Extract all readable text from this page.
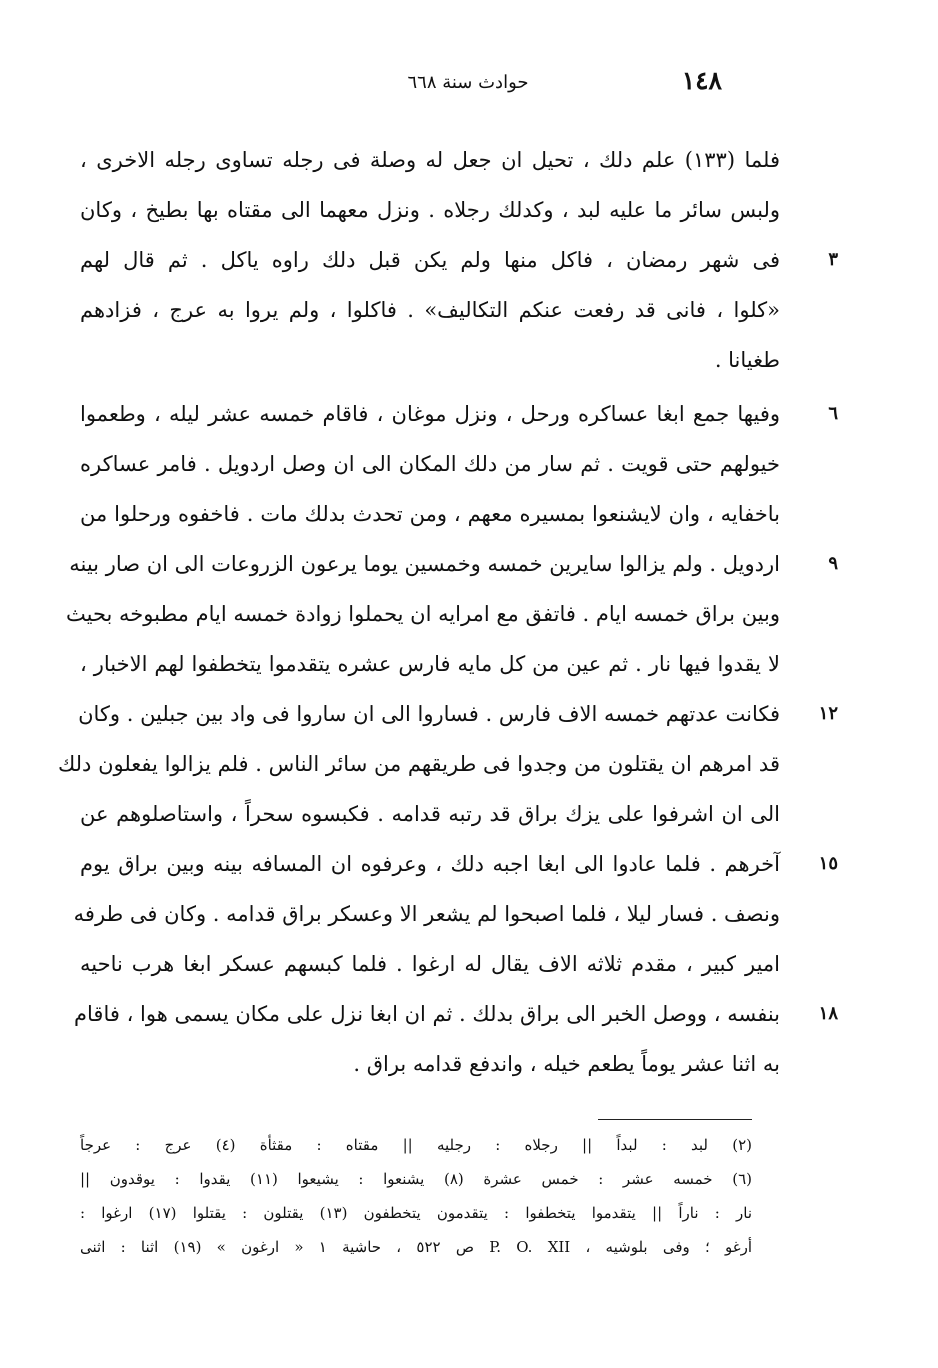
١٤٨
حوادث سنة ٦٦٨
فلما (١٣٣) علم دلك ، تحيل ان جعل له وصلة فى رجله تساوى رجله الاخرى ،
ولبس سائر ما عليه لبد ، وكدلك رجلاه . ونزل معهما الى مقتاه بها بطيخ ، وكان
٣
فى شهر رمضان ، فاكل منها ولم يكن قبل دلك راوه ياكل . ثم قال لهم
«كلوا ، فانى قد رفعت عنكم التكاليف» . فاكلوا ، ولم يروا به عرج ، فزادهم
طغيانا .
٦
وفيها جمع ابغا عساكره ورحل ، ونزل موغان ، فاقام خمسه عشر ليله ، وطعموا
خيولهم حتى قويت . ثم سار من دلك المكان الى ان وصل اردويل . فامر عساكره
باخفايه ، وان لايشنعوا بمسيره معهم ، ومن تحدث بدلك مات . فاخفوه ورحلوا من
٩
اردويل . ولم يزالوا سايرين خمسه وخمسين يوما يرعون الزروعات الى ان صار بينه
وبين براق خمسه ايام . فاتفق مع امرايه ان يحملوا زوادة خمسه ايام مطبوخه بحيث
لا يقدوا فيها نار . ثم عين من كل مايه فارس عشره يتقدموا يتخطفوا لهم الاخبار ،
١٢
فكانت عدتهم خمسه الاف فارس . فساروا الى ان ساروا فى واد بين جبلين . وكان
قد امرهم ان يقتلون من وجدوا فى طريقهم من سائر الناس . فلم يزالوا يفعلون دلك
الى ان اشرفوا على يزك براق قد رتبه قدامه . فكبسوه سحراً ، واستاصلوهم عن
١٥
آخرهم . فلما عادوا الى ابغا اجبه دلك ، وعرفوه ان المسافه بينه وبين براق يوم
ونصف . فسار ليلا ، فلما اصبحوا لم يشعر الا وعسكر براق قدامه . وكان فى طرفه
امير كبير ، مقدم ثلاثه الاف يقال له ارغوا . فلما كبسهم عسكر ابغا هرب ناحيه
١٨
بنفسه ، ووصل الخبر الى براق بدلك . ثم ان ابغا نزل على مكان يسمى هوا ، فاقام
به اثنا عشر يوماً يطعم خيله ، واندفع قدامه براق .
(٢) لبد : لبداً || رجلاه : رجليه || مقتاه : مقثأة (٤) عرج : عرجاً
(٦) خمسه عشر : خمس عشرة (٨) يشنعوا : يشيعوا (١١) يقدوا : يوقدون ||
نار : ناراً || يتقدموا يتخطفوا : يتقدمون يتخطفون (١٣) يقتلون : يقتلوا (١٧) ارغوا :
أرغو ؛ وفى بلوشيه ، P. O. XII ص ٥٢٢ ، حاشية ١ « ارغون » (١٩) اثنا : اثنى
